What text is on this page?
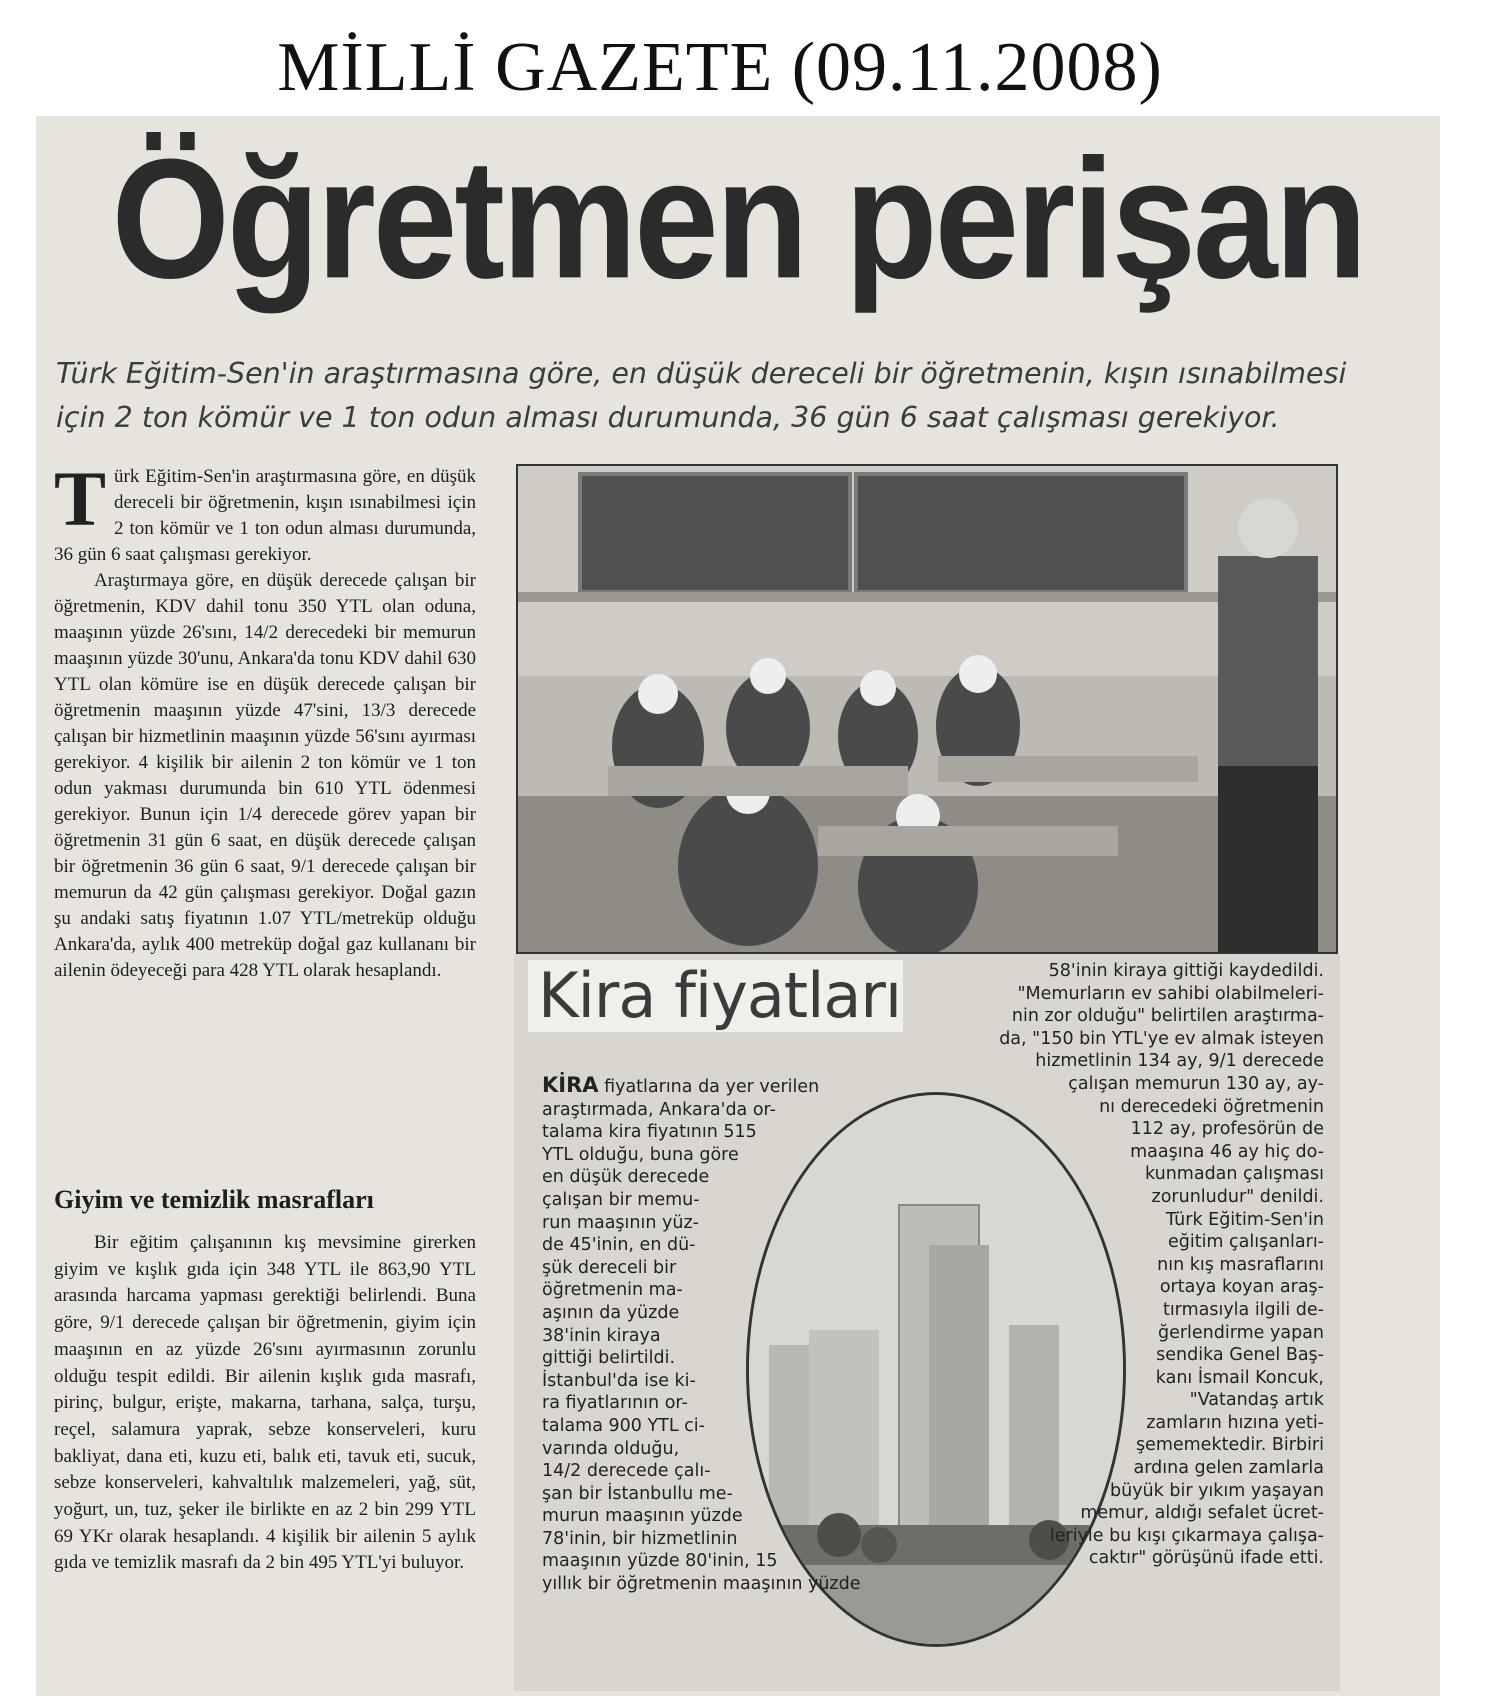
MİLLİ GAZETE (09.11.2008)
Öğretmen perişan
Türk Eğitim-Sen'in araştırmasına göre, en düşük dereceli bir öğretmenin, kışın ısınabilmesi
için 2 ton kömür ve 1 ton odun alması durumunda, 36 gün 6 saat çalışması gerekiyor.

Türk Eğitim-Sen'in araştırmasına göre, en düşük dereceli bir öğretmenin, kışın ısınabilmesi için 2 ton kömür ve 1 ton odun alması durumunda, 36 gün 6 saat çalışması gerekiyor.

Araştırmaya göre, en düşük derecede çalışan bir öğretmenin, KDV dahil tonu 350 YTL olan oduna, maaşının yüzde 26'sını, 14/2 derecedeki bir memurun maaşının yüzde 30'unu, Ankara'da tonu KDV dahil 630 YTL olan kömüre ise en düşük derecede çalışan bir öğretmenin maaşının yüzde 47'sini, 13/3 derecede çalışan bir hizmetlinin maaşının yüzde 56'sını ayırması gerekiyor. 4 kişilik bir ailenin 2 ton kömür ve 1 ton odun yakması durumunda bin 610 YTL ödenmesi gerekiyor. Bunun için 1/4 derecede görev yapan bir öğretmenin 31 gün 6 saat, en düşük derecede çalışan bir öğretmenin 36 gün 6 saat, 9/1 derecede çalışan bir memurun da 42 gün çalışması gerekiyor. Doğal gazın şu andaki satış fiyatının 1.07 YTL/metreküp olduğu Ankara'da, aylık 400 metreküp doğal gaz kullananı bir ailenin ödeyeceği para 428 YTL olarak hesaplandı.

Giyim ve temizlik masrafları

Bir eğitim çalışanının kış mevsimine girerken giyim ve kışlık gıda için 348 YTL ile 863,90 YTL arasında harcama yapması gerektiği belirlendi. Buna göre, 9/1 derecede çalışan bir öğretmenin, giyim için maaşının en az yüzde 26'sını ayırmasının zorunlu olduğu tespit edildi. Bir ailenin kışlık gıda masrafı, pirinç, bulgur, erişte, makarna, tarhana, salça, turşu, reçel, salamura yaprak, sebze konserveleri, kuru bakliyat, dana eti, kuzu eti, balık eti, tavuk eti, sucuk, sebze konserveleri, kahvaltılık malzemeleri, yağ, süt, yoğurt, un, tuz, şeker ile birlikte en az 2 bin 299 YTL 69 YKr olarak hesaplandı. 4 kişilik bir ailenin 5 aylık gıda ve temizlik masrafı da 2 bin 495 YTL'yi buluyor.

Kira fiyatları
KİRA fiyatlarına da yer verilen
araştırmada, Ankara'da or-
talama kira fiyatının 515
YTL olduğu, buna göre
en düşük derecede
çalışan bir memu-
run maaşının yüz-
de 45'inin, en dü-
şük dereceli bir
öğretmenin ma-
aşının da yüzde
38'inin kiraya
gittiği belirtildi.
İstanbul'da ise ki-
ra fiyatlarının or-
talama 900 YTL ci-
varında olduğu,
14/2 derecede çalı-
şan bir İstanbullu me-
murun maaşının yüzde
78'inin, bir hizmetlinin
maaşının yüzde 80'inin, 15
yıllık bir öğretmenin maaşının yüzde
58'inin kiraya gittiği kaydedildi.
"Memurların ev sahibi olabilmeleri-
nin zor olduğu" belirtilen araştırma-
da, "150 bin YTL'ye ev almak isteyen
hizmetlinin 134 ay, 9/1 derecede
çalışan memurun 130 ay, ay-
nı derecedeki öğretmenin
112 ay, profesörün de
maaşına 46 ay hiç do-
kunmadan çalışması
zorunludur" denildi.
Türk Eğitim-Sen'in
eğitim çalışanları-
nın kış masraflarını
ortaya koyan araş-
tırmasıyla ilgili de-
ğerlendirme yapan
sendika Genel Baş-
kanı İsmail Koncuk,
"Vatandaş artık
zamların hızına yeti-
şememektedir. Birbiri
ardına gelen zamlarla
büyük bir yıkım yaşayan
memur, aldığı sefalet ücret-
leriyle bu kışı çıkarmaya çalışa-
caktır" görüşünü ifade etti.
